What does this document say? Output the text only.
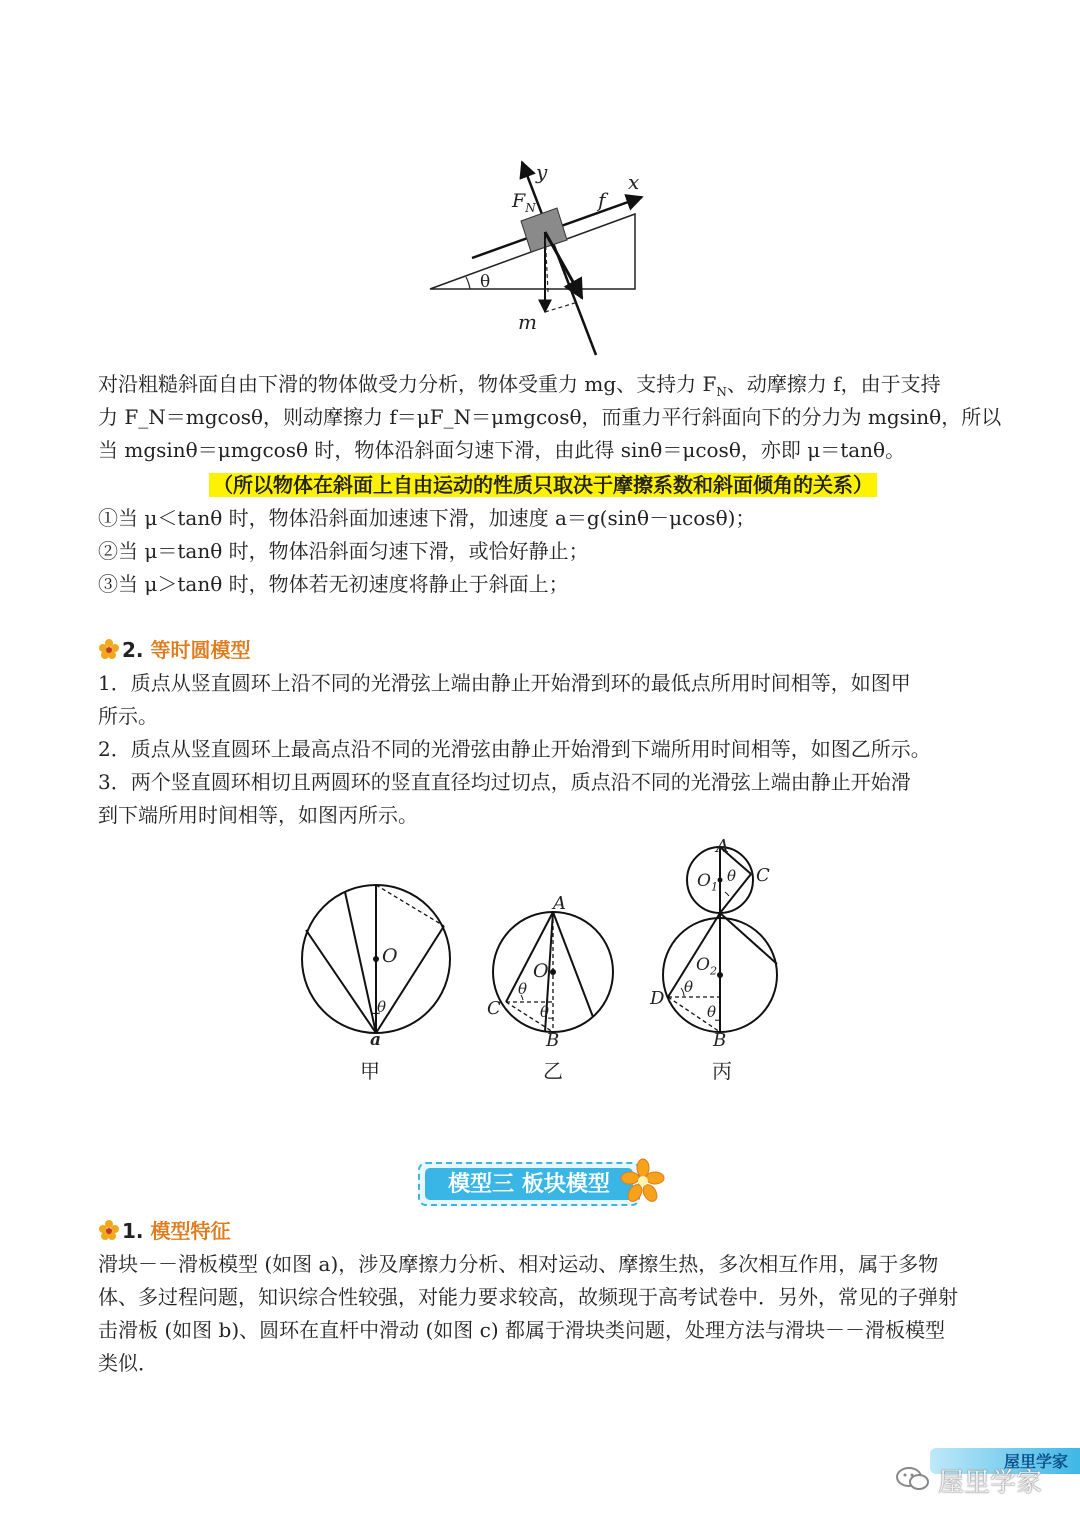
y	x
$F_N$	f
θ
m
对沿粗糙斜面自由下滑的物体做受力分析，物体受重力 mg、支持力 $F_N$、动摩擦力 f，由于支持
力 F_N＝mgcosθ，则动摩擦力 f＝μF_N＝μmgcosθ，而重力平行斜面向下的分力为 mgsinθ，所以
当 mgsinθ＝μmgcosθ 时，物体沿斜面匀速下滑，由此得 sinθ＝μcosθ，亦即 μ＝tanθ。
（所以物体在斜面上自由运动的性质只取决于摩擦系数和斜面倾角的关系）
①当 μ＜tanθ 时，物体沿斜面加速速下滑，加速度 a＝g(sinθ－μcosθ)；
②当 μ＝tanθ 时，物体沿斜面匀速下滑，或恰好静止；
③当 μ＞tanθ 时，物体若无初速度将静止于斜面上；
2. 等时圆模型
1．质点从竖直圆环上沿不同的光滑弦上端由静止开始滑到环的最低点所用时间相等，如图甲
所示。
2．质点从竖直圆环上最高点沿不同的光滑弦由静止开始滑到下端所用时间相等，如图乙所示。
3．两个竖直圆环相切且两圆环的竖直直径均过切点，质点沿不同的光滑弦上端由静止开始滑
到下端所用时间相等，如图丙所示。
O
θ
a
甲
A
O
C
θ
θ
B
乙
A
$O_1$
θ C
$O_2$
D
θ
θ
B
丙
模型三 板块模型
1. 模型特征
滑块－－滑板模型 (如图 a)，涉及摩擦力分析、相对运动、摩擦生热，多次相互作用，属于多物
体、多过程问题，知识综合性较强，对能力要求较高，故频现于高考试卷中．另外，常见的子弹射
击滑板 (如图 b)、圆环在直杆中滑动 (如图 c) 都属于滑块类问题，处理方法与滑块－－滑板模型
类似．
屋里学家
屋里学家
